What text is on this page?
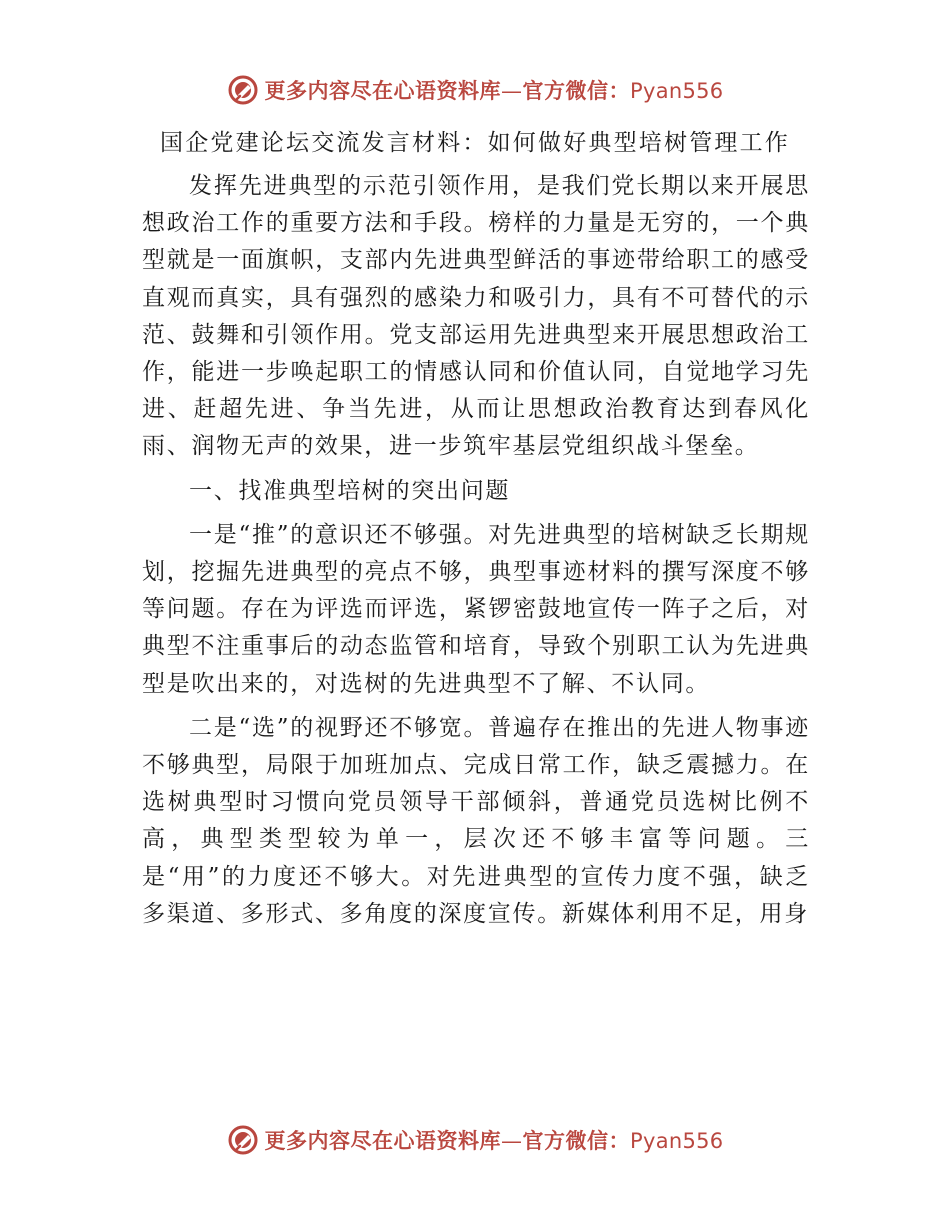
更多内容尽在心语资料库—官方微信：Pyan556
国企党建论坛交流发言材料：如何做好典型培树管理工作

发挥先进典型的示范引领作用，是我们党长期以来开展思想政治工作的重要方法和手段。榜样的力量是无穷的，一个典型就是一面旗帜，支部内先进典型鲜活的事迹带给职工的感受直观而真实，具有强烈的感染力和吸引力，具有不可替代的示范、鼓舞和引领作用。党支部运用先进典型来开展思想政治工作，能进一步唤起职工的情感认同和价值认同，自觉地学习先进、赶超先进、争当先进，从而让思想政治教育达到春风化雨、润物无声的效果，进一步筑牢基层党组织战斗堡垒。

一、找准典型培树的突出问题

一是“推”的意识还不够强。对先进典型的培树缺乏长期规划，挖掘先进典型的亮点不够，典型事迹材料的撰写深度不够等问题。存在为评选而评选，紧锣密鼓地宣传一阵子之后，对典型不注重事后的动态监管和培育，导致个别职工认为先进典型是吹出来的，对选树的先进典型不了解、不认同。

二是“选”的视野还不够宽。普遍存在推出的先进人物事迹不够典型，局限于加班加点、完成日常工作，缺乏震撼力。在选树典型时习惯向党员领导干部倾斜，普通党员选树比例不高，典型类型较为单一，层次还不够丰富等问题。三是“用”的力度还不够大。对先进典型的宣传力度不强，缺乏多渠道、多形式、多角度的深度宣传。新媒体利用不足，用身

更多内容尽在心语资料库—官方微信：Pyan556
